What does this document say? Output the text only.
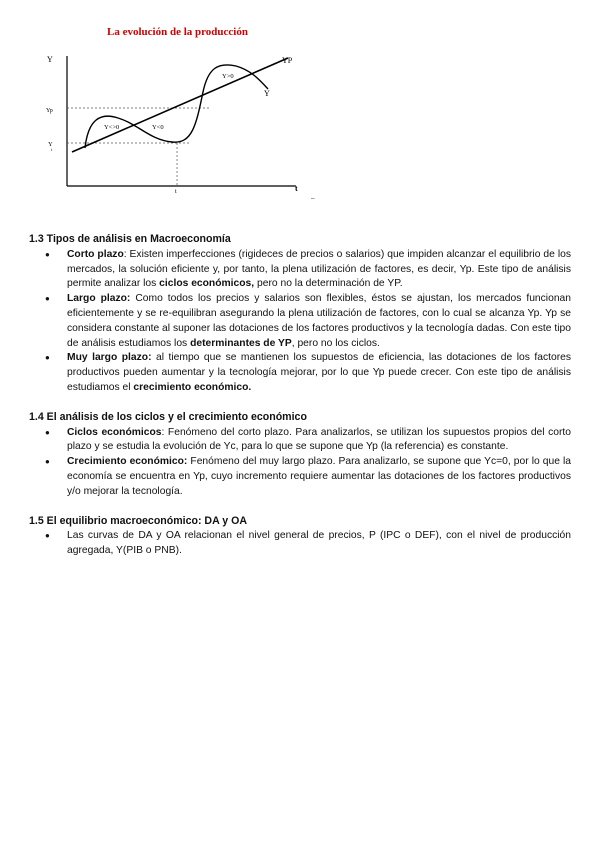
La evolución de la producción
Y
t
Yp
Y
t
t
YP
Y
Y<>0	Y<0
Y>0
_
1.3 Tipos de análisis en Macroeconomía
● Corto plazo: Existen imperfecciones (rigideces de precios o salarios) que impiden alcanzar el equilibrio de los mercados, la solución eficiente y, por tanto, la plena utilización de factores, es decir, Yp. Este tipo de análisis permite analizar los ciclos económicos, pero no la determinación de YP.
● Largo plazo: Como todos los precios y salarios son flexibles, éstos se ajustan, los mercados funcionan eficientemente y se re-equilibran asegurando la plena utilización de factores, con lo cual se alcanza Yp. Yp se considera constante al suponer las dotaciones de los factores productivos y la tecnología dadas. Con este tipo de análisis estudiamos los determinantes de YP, pero no los ciclos.
● Muy largo plazo: al tiempo que se mantienen los supuestos de eficiencia, las dotaciones de los factores productivos pueden aumentar y la tecnología mejorar, por lo que Yp puede crecer. Con este tipo de análisis estudiamos el crecimiento económico.
1.4 El análisis de los ciclos y el crecimiento económico
● Ciclos económicos: Fenómeno del corto plazo. Para analizarlos, se utilizan los supuestos propios del corto plazo y se estudia la evolución de Yc, para lo que se supone que Yp (la referencia) es constante.
● Crecimiento económico: Fenómeno del muy largo plazo. Para analizarlo, se supone que Yc=0, por lo que la economía se encuentra en Yp, cuyo incremento requiere aumentar las dotaciones de los factores productivos y/o mejorar la tecnología.
1.5 El equilibrio macroeconómico: DA y OA
● Las curvas de DA y OA relacionan el nivel general de precios, P (IPC o DEF), con el nivel de producción agregada, Y(PIB o PNB).
